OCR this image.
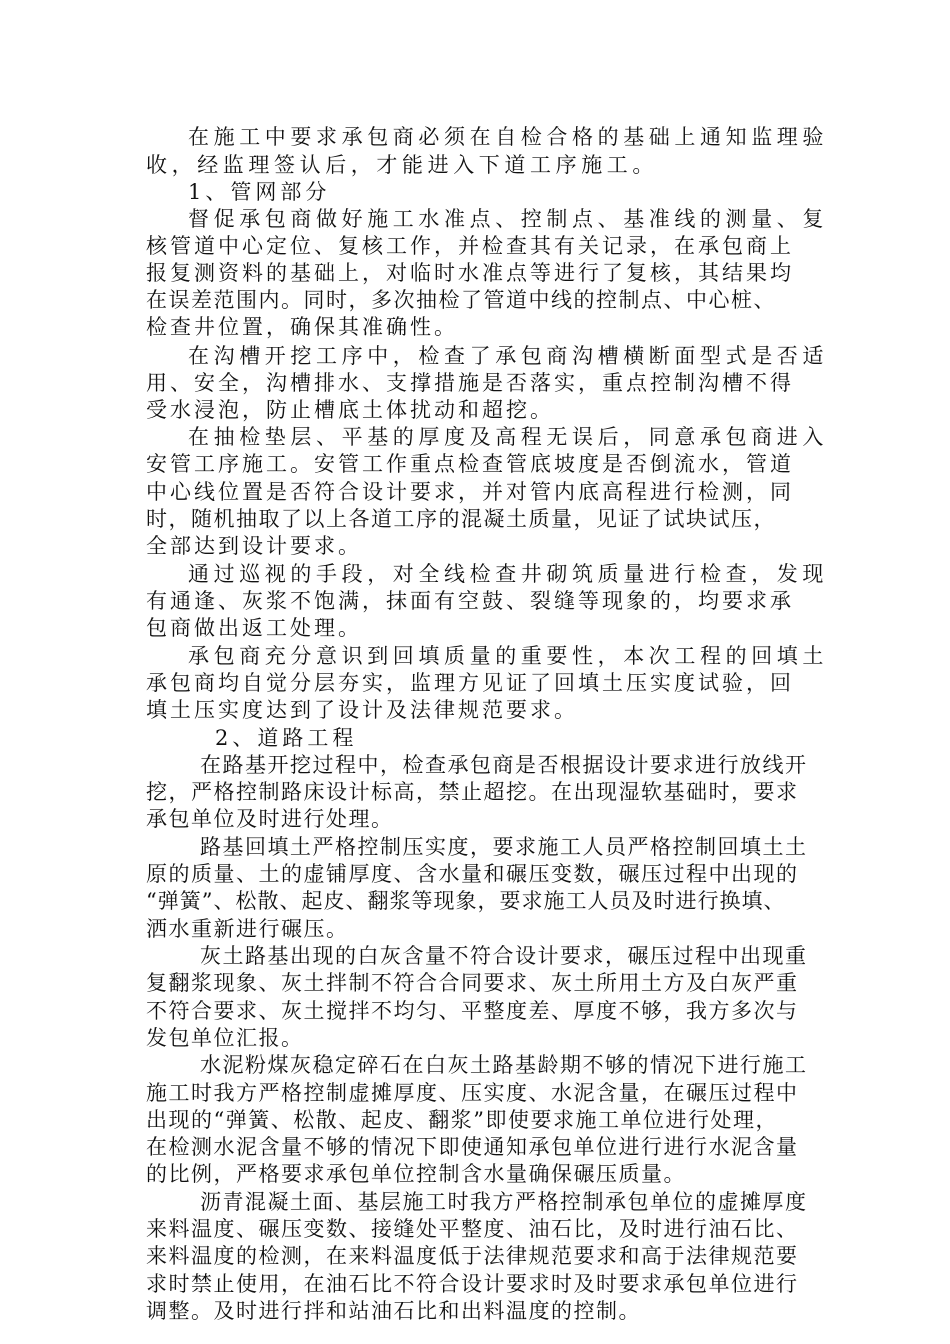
在施工中要求承包商必须在自检合格的基础上通知监理验

收，经监理签认后，才能进入下道工序施工。

1、管网部分

督促承包商做好施工水准点、控制点、基准线的测量、复

核管道中心定位、复核工作，并检查其有关记录，在承包商上

报复测资料的基础上，对临时水准点等进行了复核，其结果均

在误差范围内。同时，多次抽检了管道中线的控制点、中心桩、

检查井位置，确保其准确性。

在沟槽开挖工序中，检查了承包商沟槽横断面型式是否适

用、安全，沟槽排水、支撑措施是否落实，重点控制沟槽不得

受水浸泡，防止槽底土体扰动和超挖。

在抽检垫层、平基的厚度及高程无误后，同意承包商进入

安管工序施工。安管工作重点检查管底坡度是否倒流水，管道

中心线位置是否符合设计要求，并对管内底高程进行检测，同

时，随机抽取了以上各道工序的混凝土质量，见证了试块试压，

全部达到设计要求。

通过巡视的手段，对全线检查井砌筑质量进行检查，发现

有通逢、灰浆不饱满，抹面有空鼓、裂缝等现象的，均要求承

包商做出返工处理。

承包商充分意识到回填质量的重要性，本次工程的回填土

承包商均自觉分层夯实，监理方见证了回填土压实度试验，回

填土压实度达到了设计及法律规范要求。

2、道路工程

在路基开挖过程中，检查承包商是否根据设计要求进行放线开

挖，严格控制路床设计标高，禁止超挖。在出现湿软基础时，要求

承包单位及时进行处理。

路基回填土严格控制压实度，要求施工人员严格控制回填土土

原的质量、土的虚铺厚度、含水量和碾压变数，碾压过程中出现的

“弹簧”、松散、起皮、翻浆等现象，要求施工人员及时进行换填、

洒水重新进行碾压。

灰土路基出现的白灰含量不符合设计要求，碾压过程中出现重

复翻浆现象、灰土拌制不符合合同要求、灰土所用土方及白灰严重

不符合要求、灰土搅拌不均匀、平整度差、厚度不够，我方多次与

发包单位汇报。

水泥粉煤灰稳定碎石在白灰土路基龄期不够的情况下进行施工

施工时我方严格控制虚摊厚度、压实度、水泥含量，在碾压过程中

出现的“弹簧、松散、起皮、翻浆”即使要求施工单位进行处理，

在检测水泥含量不够的情况下即使通知承包单位进行进行水泥含量

的比例，严格要求承包单位控制含水量确保碾压质量。

沥青混凝土面、基层施工时我方严格控制承包单位的虚摊厚度

来料温度、碾压变数、接缝处平整度、油石比，及时进行油石比、

来料温度的检测，在来料温度低于法律规范要求和高于法律规范要

求时禁止使用，在油石比不符合设计要求时及时要求承包单位进行

调整。及时进行拌和站油石比和出料温度的控制。
